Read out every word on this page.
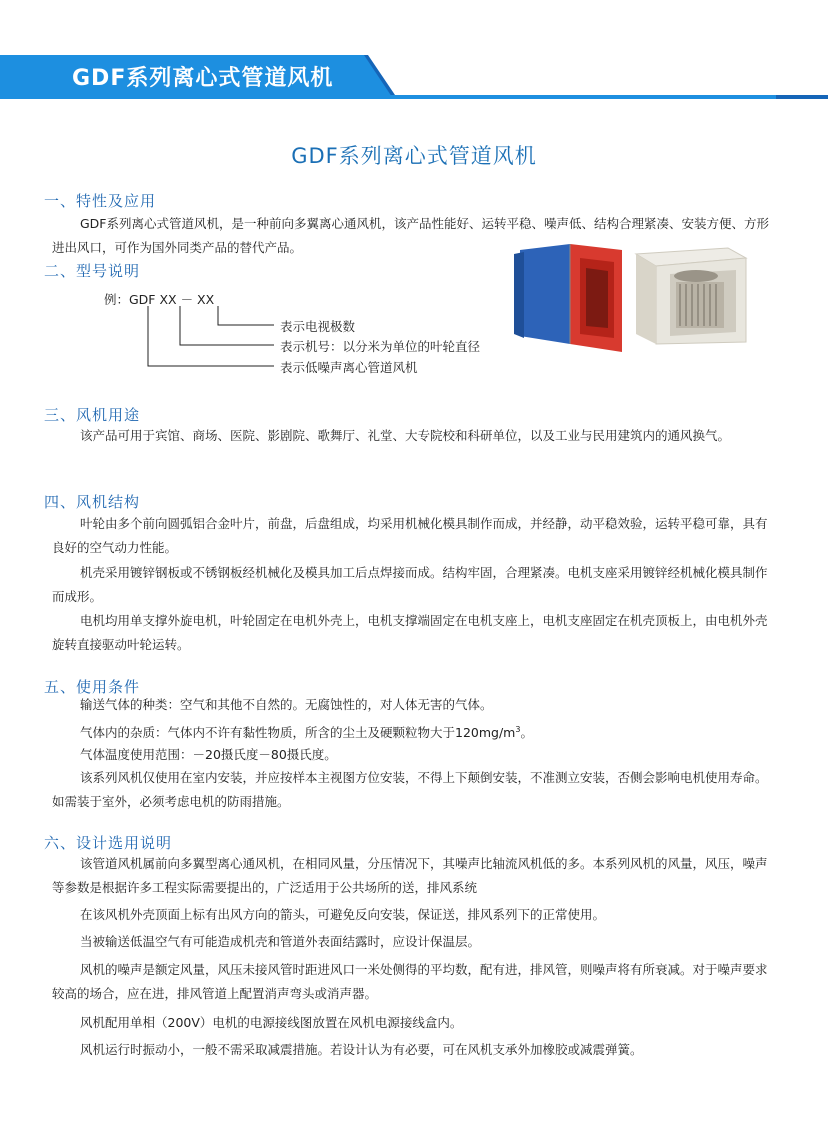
GDF系列离心式管道风机
GDF系列离心式管道风机
一、特性及应用
GDF系列离心式管道风机，是一种前向多翼离心通风机，该产品性能好、运转平稳、噪声低、结构合理紧凑、安装方便、方形进出风口，可作为国外同类产品的替代产品。
二、型号说明
例：GDF XX － XX
表示电视极数
表示机号：以分米为单位的叶轮直径
表示低噪声离心管道风机
三、风机用途
该产品可用于宾馆、商场、医院、影剧院、歌舞厅、礼堂、大专院校和科研单位，以及工业与民用建筑内的通风换气。
四、风机结构
叶轮由多个前向圆弧铝合金叶片，前盘，后盘组成，均采用机械化模具制作而成，并经静，动平稳效验，运转平稳可靠，具有良好的空气动力性能。
机壳采用镀锌钢板或不锈钢板经机械化及模具加工后点焊接而成。结构牢固，合理紧凑。电机支座采用镀锌经机械化模具制作而成形。
电机均用单支撑外旋电机，叶轮固定在电机外壳上，电机支撑端固定在电机支座上，电机支座固定在机壳顶板上，由电机外壳旋转直接驱动叶轮运转。
五、使用条件
输送气体的种类：空气和其他不自然的。无腐蚀性的，对人体无害的气体。
气体内的杂质：气体内不许有黏性物质，所含的尘土及硬颗粒物大于$120mg/m^3$。
气体温度使用范围：－20摄氏度－80摄氏度。
该系列风机仅使用在室内安装，并应按样本主视图方位安装，不得上下颠倒安装，不准测立安装，否侧会影响电机使用寿命。如需装于室外，必须考虑电机的防雨措施。
六、设计选用说明
该管道风机属前向多翼型离心通风机，在相同风量，分压情况下，其噪声比轴流风机低的多。本系列风机的风量，风压，噪声等参数是根据许多工程实际需要提出的，广泛适用于公共场所的送，排风系统
在该风机外壳顶面上标有出风方向的箭头，可避免反向安装，保证送，排风系列下的正常使用。
当被输送低温空气有可能造成机壳和管道外表面结露时，应设计保温层。
风机的噪声是额定风量，风压未接风管时距进风口一米处侧得的平均数，配有进，排风管，则噪声将有所衰减。对于噪声要求较高的场合，应在进，排风管道上配置消声弯头或消声器。
风机配用单相（200V）电机的电源接线图放置在风机电源接线盒内。
风机运行时振动小，一般不需采取减震措施。若设计认为有必要，可在风机支承外加橡胶或减震弹簧。
